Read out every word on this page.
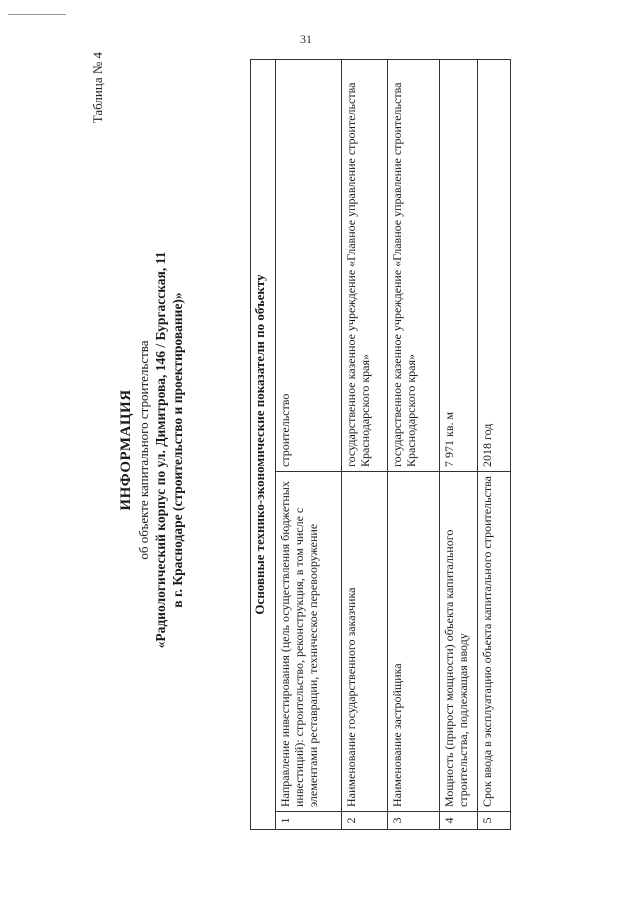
31
Таблица № 4
ИНФОРМАЦИЯ об объекте капитального строительства «Радиологический корпус по ул. Димитрова, 146 / Бургасская, 11 в г. Краснодаре (строительство и проектирование)»	Основные технико-экономические показатели по объекту		
1	Направление инвестирования (цель осуществления бюджетных инвестиций): строительство, реконструкция, в том числе с элементами реставрации, техническое перевооружение	строительство
2	Наименование государственного заказчика	государственное казенное учреждение «Главное управление строительства Краснодарского края»
3	Наименование застройщика	государственное казенное учреждение «Главное управление строительства Краснодарского края»
4	Мощность (прирост мощности) объекта капитального строительства, подлежащая вводу	7 971 кв. м
5	Срок ввода в эксплуатацию объекта капитального строительства	2018 год
